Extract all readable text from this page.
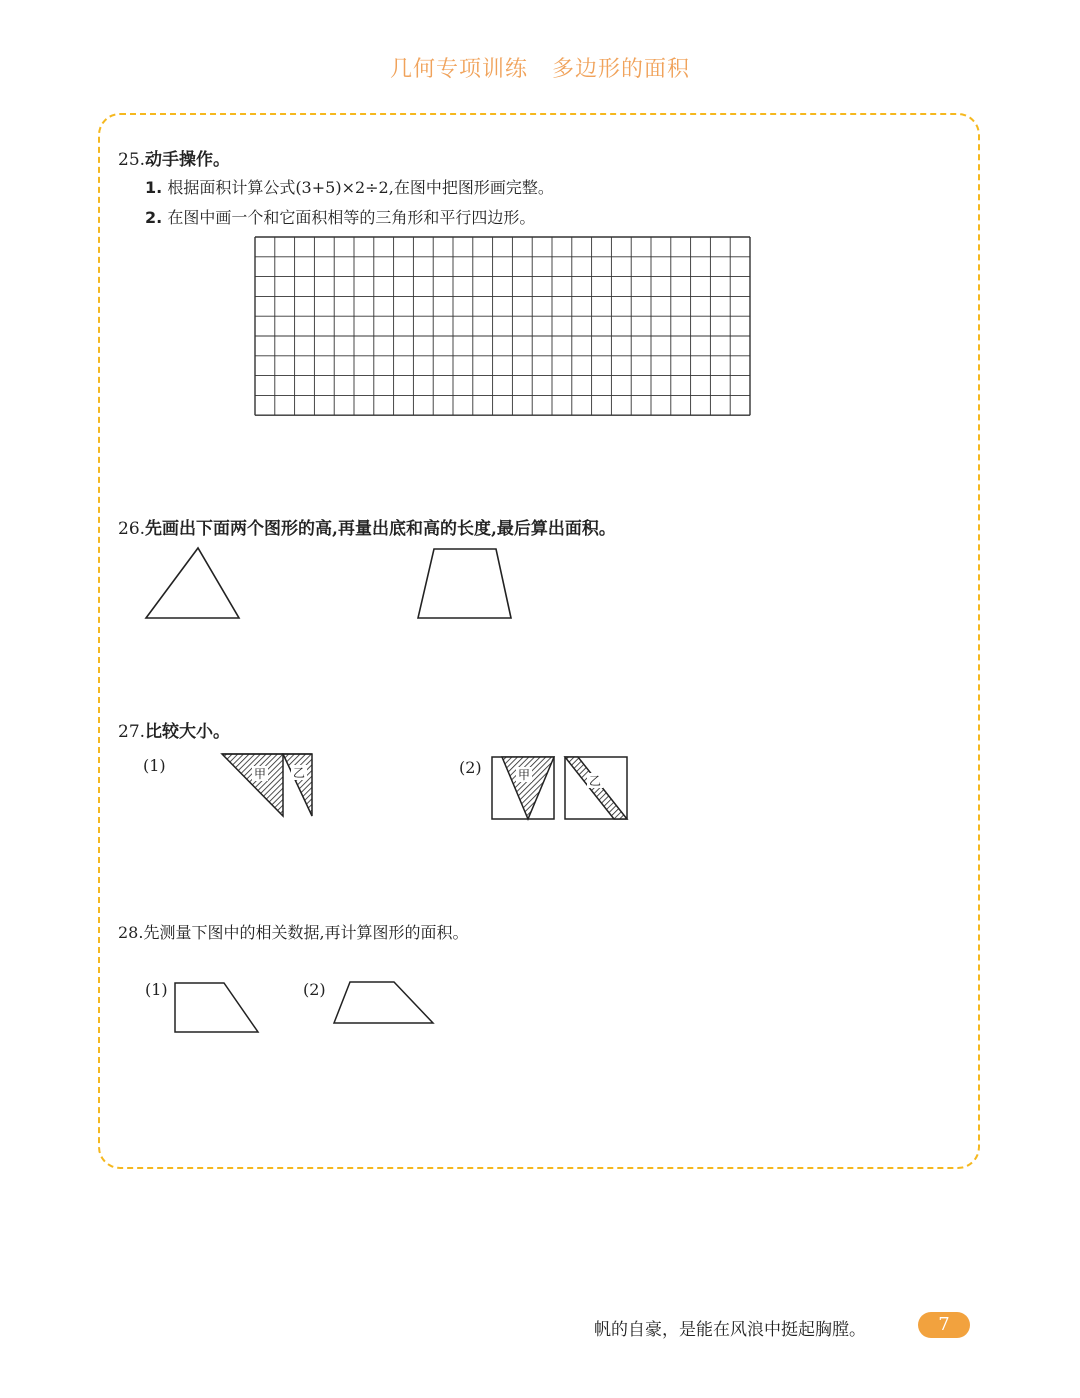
几何专项训练   多边形的面积
25.动手操作。
1. 根据面积计算公式(3+5)×2÷2,在图中把图形画完整。
2. 在图中画一个和它面积相等的三角形和平行四边形。
26.先画出下面两个图形的高,再量出底和高的长度,最后算出面积。
27.比较大小。
(1)	(2)
甲 乙	甲	乙
28.先测量下图中的相关数据,再计算图形的面积。
(1)	(2)
帆的自豪，是能在风浪中挺起胸膛。	7
